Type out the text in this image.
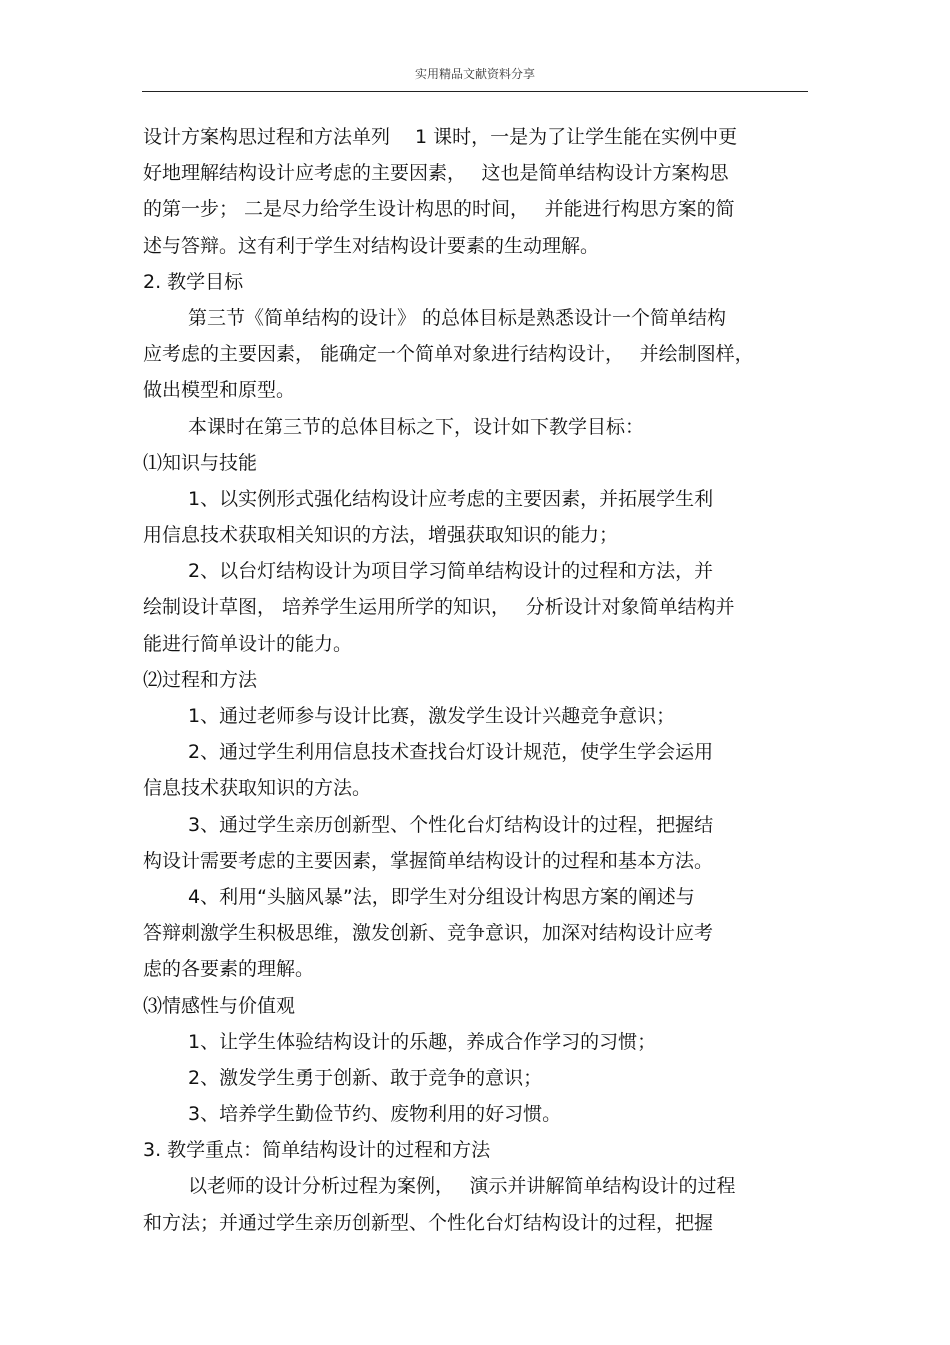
实用精品文献资料分享
设计方案构思过程和方法单列　 1 课时，一是为了让学生能在实例中更
好地理解结构设计应考虑的主要因素，　 这也是简单结构设计方案构思
的第一步； 二是尽力给学生设计构思的时间，　 并能进行构思方案的简
述与答辩。这有利于学生对结构设计要素的生动理解。
2. 教学目标
第三节《简单结构的设计》 的总体目标是熟悉设计一个简单结构
应考虑的主要因素， 能确定一个简单对象进行结构设计，　 并绘制图样，
做出模型和原型。
本课时在第三节的总体目标之下，设计如下教学目标：
⑴知识与技能
1、以实例形式强化结构设计应考虑的主要因素，并拓展学生利
用信息技术获取相关知识的方法，增强获取知识的能力；
2、以台灯结构设计为项目学习简单结构设计的过程和方法，并
绘制设计草图， 培养学生运用所学的知识，　 分析设计对象简单结构并
能进行简单设计的能力。
⑵过程和方法
1、通过老师参与设计比赛，激发学生设计兴趣竞争意识；
2、通过学生利用信息技术查找台灯设计规范，使学生学会运用
信息技术获取知识的方法。
3、通过学生亲历创新型、个性化台灯结构设计的过程，把握结
构设计需要考虑的主要因素，掌握简单结构设计的过程和基本方法。
4、利用“头脑风暴”法，即学生对分组设计构思方案的阐述与
答辩刺激学生积极思维，激发创新、竞争意识，加深对结构设计应考
虑的各要素的理解。
⑶情感性与价值观
1、让学生体验结构设计的乐趣，养成合作学习的习惯；
2、激发学生勇于创新、敢于竞争的意识；
3、培养学生勤俭节约、废物利用的好习惯。
3. 教学重点：简单结构设计的过程和方法
以老师的设计分析过程为案例，　 演示并讲解简单结构设计的过程
和方法；并通过学生亲历创新型、个性化台灯结构设计的过程，把握
